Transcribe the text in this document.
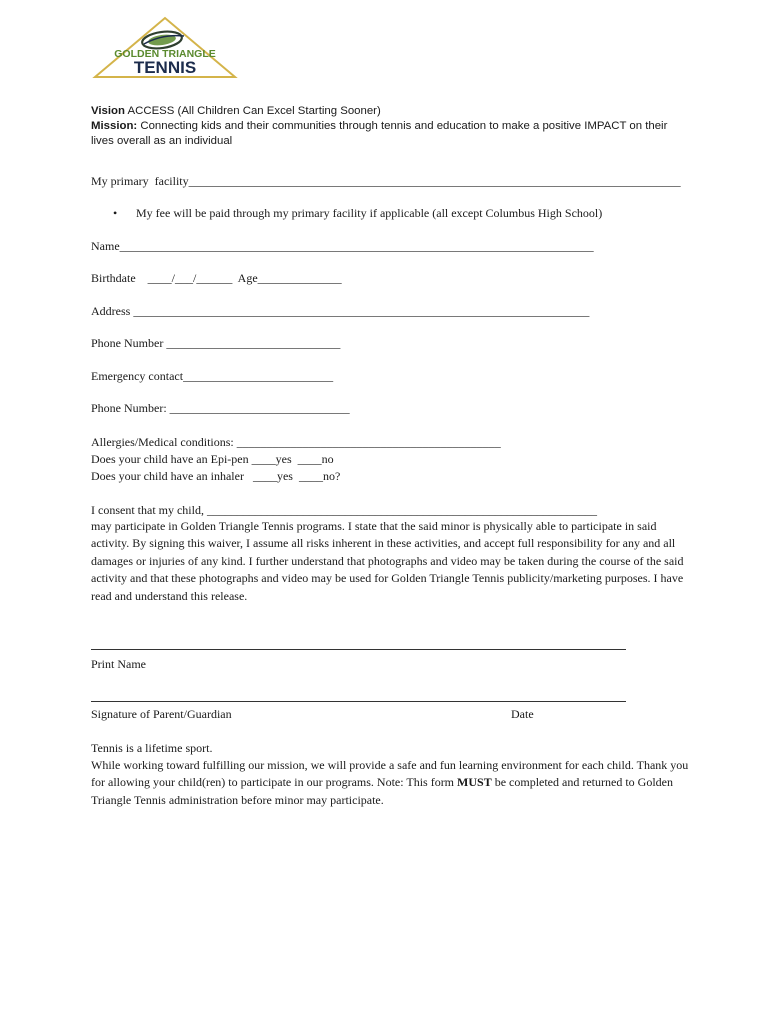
GOLDEN TRIANGLE
TENNIS
Vision ACCESS (All Children Can Excel Starting Sooner)
Mission: Connecting kids and their communities through tennis and education to make a positive IMPACT on their lives overall as an individual
My primary  facility__________________________________________________________________________________
• My fee will be paid through my primary facility if applicable (all except Columbus High School)
Name_______________________________________________________________________________
Birthdate    ____/___/______  Age______________
Address ____________________________________________________________________________
Phone Number _____________________________
Emergency contact_________________________
Phone Number: ______________________________
Allergies/Medical conditions: ____________________________________________
Does your child have an Epi-pen ____yes  ____no
Does your child have an inhaler   ____yes  ____no?
I consent that my child, _________________________________________________________________
may participate in Golden Triangle Tennis programs. I state that the said minor is physically able to participate in said activity. By signing this waiver, I assume all risks inherent in these activities, and accept full responsibility for any and all damages or injuries of any kind. I further understand that photographs and video may be taken during the course of the said activity and that these photographs and video may be used for Golden Triangle Tennis publicity/marketing purposes. I have read and understand this release.
Print Name
Signature of Parent/Guardian	Date
Tennis is a lifetime sport.
While working toward fulfilling our mission, we will provide a safe and fun learning environment for each child. Thank you for allowing your child(ren) to participate in our programs. Note: This form MUST be completed and returned to Golden Triangle Tennis administration before minor may participate.
